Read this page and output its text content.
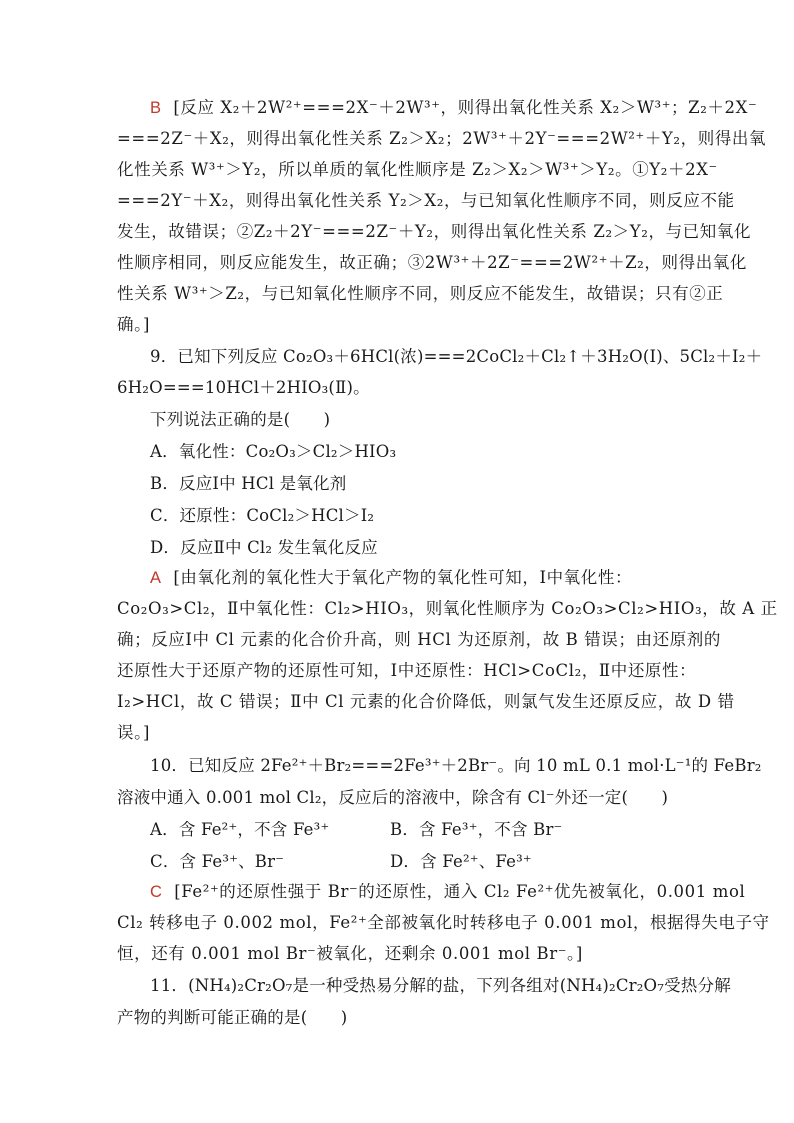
B [反应 X₂＋2W²⁺===2X⁻＋2W³⁺，则得出氧化性关系 X₂＞W³⁺；Z₂＋2X⁻
===2Z⁻＋X₂，则得出氧化性关系 Z₂＞X₂；2W³⁺＋2Y⁻===2W²⁺＋Y₂，则得出氧
化性关系 W³⁺＞Y₂，所以单质的氧化性顺序是 Z₂＞X₂＞W³⁺＞Y₂。①Y₂＋2X⁻
===2Y⁻＋X₂，则得出氧化性关系 Y₂＞X₂，与已知氧化性顺序不同，则反应不能
发生，故错误；②Z₂＋2Y⁻===2Z⁻＋Y₂，则得出氧化性关系 Z₂＞Y₂，与已知氧化
性顺序相同，则反应能发生，故正确；③2W³⁺＋2Z⁻===2W²⁺＋Z₂，则得出氧化
性关系 W³⁺＞Z₂，与已知氧化性顺序不同，则反应不能发生，故错误；只有②正
确。]
9．已知下列反应 Co₂O₃＋6HCl(浓)===2CoCl₂＋Cl₂↑＋3H₂O(Ⅰ)、5Cl₂＋I₂＋
6H₂O===10HCl＋2HIO₃(Ⅱ)。
下列说法正确的是(　　)
A．氧化性：Co₂O₃＞Cl₂＞HIO₃
B．反应Ⅰ中 HCl 是氧化剂
C．还原性：CoCl₂＞HCl＞I₂
D．反应Ⅱ中 Cl₂ 发生氧化反应
A [由氧化剂的氧化性大于氧化产物的氧化性可知，Ⅰ中氧化性：
Co₂O₃>Cl₂，Ⅱ中氧化性：Cl₂>HIO₃，则氧化性顺序为 Co₂O₃>Cl₂>HIO₃，故 A 正
确；反应Ⅰ中 Cl 元素的化合价升高，则 HCl 为还原剂，故 B 错误；由还原剂的
还原性大于还原产物的还原性可知，Ⅰ中还原性：HCl>CoCl₂，Ⅱ中还原性：
I₂>HCl，故 C 错误；Ⅱ中 Cl 元素的化合价降低，则氯气发生还原反应，故 D 错
误。]
10．已知反应 2Fe²⁺＋Br₂===2Fe³⁺＋2Br⁻。向 10 mL 0.1 mol·L⁻¹的 FeBr₂
溶液中通入 0.001 mol Cl₂，反应后的溶液中，除含有 Cl⁻外还一定(　　)
A．含 Fe²⁺，不含 Fe³⁺	B．含 Fe³⁺，不含 Br⁻
C．含 Fe³⁺、Br⁻	D．含 Fe²⁺、Fe³⁺
C [Fe²⁺的还原性强于 Br⁻的还原性，通入 Cl₂ Fe²⁺优先被氧化，0.001 mol
Cl₂ 转移电子 0.002 mol，Fe²⁺全部被氧化时转移电子 0.001 mol，根据得失电子守
恒，还有 0.001 mol Br⁻被氧化，还剩余 0.001 mol Br⁻。]
11．(NH₄)₂Cr₂O₇是一种受热易分解的盐，下列各组对(NH₄)₂Cr₂O₇受热分解
产物的判断可能正确的是(　　)
